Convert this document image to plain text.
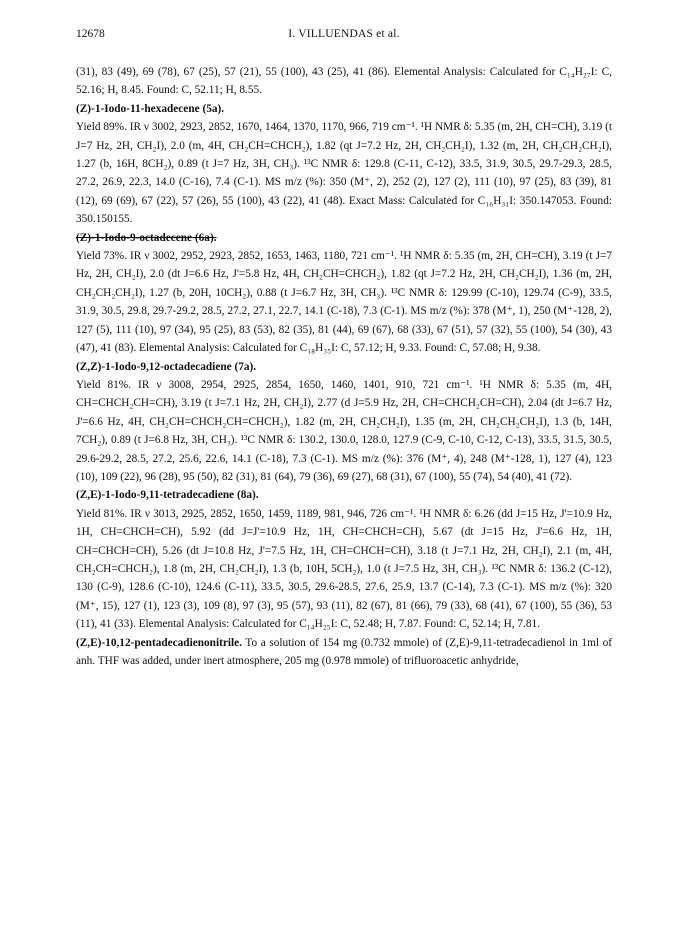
12678	I. VILLUENDAS et al.

(31), 83 (49), 69 (78), 67 (25), 57 (21), 55 (100), 43 (25), 41 (86). Elemental Analysis: Calculated for C₁₄H₂₇I: C, 52.16; H, 8.45. Found: C, 52.11; H, 8.55.

(Z)-1-Iodo-11-hexadecene (5a).

Yield 89%. IR ν 3002, 2923, 2852, 1670, 1464, 1370, 1170, 966, 719 cm⁻¹. ¹H NMR δ: 5.35 (m, 2H, CH=CH), 3.19 (t J=7 Hz, 2H, CH₂I), 2.0 (m, 4H, CH₂CH=CHCH₂), 1.82 (qt J=7.2 Hz, 2H, CH₂CH₂I), 1.32 (m, 2H, CH₂CH₂CH₂I), 1.27 (b, 16H, 8CH₂), 0.89 (t J=7 Hz, 3H, CH₃). ¹³C NMR δ: 129.8 (C-11, C-12), 33.5, 31.9, 30.5, 29.7-29.3, 28.5, 27.2, 26.9, 22.3, 14.0 (C-16), 7.4 (C-1). MS m/z (%): 350 (M⁺, 2), 252 (2), 127 (2), 111 (10), 97 (25), 83 (39), 81 (12), 69 (69), 67 (22), 57 (26), 55 (100), 43 (22), 41 (48). Exact Mass: Calculated for C₁₆H₃₁I: 350.147053. Found: 350.150155.

(Z)-1-Iodo-9-octadecene (6a).

Yield 73%. IR ν 3002, 2952, 2923, 2852, 1653, 1463, 1180, 721 cm⁻¹. ¹H NMR δ: 5.35 (m, 2H, CH=CH), 3.19 (t J=7 Hz, 2H, CH₂I), 2.0 (dt J=6.6 Hz, J'=5.8 Hz, 4H, CH₂CH=CHCH₂), 1.82 (qt J=7.2 Hz, 2H, CH₂CH₂I), 1.36 (m, 2H, CH₂CH₂CH₂I), 1.27 (b, 20H, 10CH₂), 0.88 (t J=6.7 Hz, 3H, CH₃). ¹³C NMR δ: 129.99 (C-10), 129.74 (C-9), 33.5, 31.9, 30.5, 29.8, 29.7-29.2, 28.5, 27.2, 27.1, 22.7, 14.1 (C-18), 7.3 (C-1). MS m/z (%): 378 (M⁺, 1), 250 (M⁺-128, 2), 127 (5), 111 (10), 97 (34), 95 (25), 83 (53), 82 (35), 81 (44), 69 (67), 68 (33), 67 (51), 57 (32), 55 (100), 54 (30), 43 (47), 41 (83). Elemental Analysis: Calculated for C₁₈H₃₅I: C, 57.12; H, 9.33. Found: C, 57.08; H, 9.38.

(Z,Z)-1-Iodo-9,12-octadecadiene (7a).

Yield 81%. IR ν 3008, 2954, 2925, 2854, 1650, 1460, 1401, 910, 721 cm⁻¹. ¹H NMR δ: 5.35 (m, 4H, CH=CHCH₂CH=CH), 3.19 (t J=7.1 Hz, 2H, CH₂I), 2.77 (d J=5.9 Hz, 2H, CH=CHCH₂CH=CH), 2.04 (dt J=6.7 Hz, J'=6.6 Hz, 4H, CH₂CH=CHCH₂CH=CHCH₂), 1.82 (m, 2H, CH₂CH₂I), 1.35 (m, 2H, CH₂CH₂CH₂I), 1.3 (b, 14H, 7CH₂), 0.89 (t J=6.8 Hz, 3H, CH₃). ¹³C NMR δ: 130.2, 130.0, 128.0, 127.9 (C-9, C-10, C-12, C-13), 33.5, 31.5, 30.5, 29.6-29.2, 28.5, 27.2, 25.6, 22.6, 14.1 (C-18), 7.3 (C-1). MS m/z (%): 376 (M⁺, 4), 248 (M⁺-128, 1), 127 (4), 123 (10), 109 (22), 96 (28), 95 (50), 82 (31), 81 (64), 79 (36), 69 (27), 68 (31), 67 (100), 55 (74), 54 (40), 41 (72).

(Z,E)-1-Iodo-9,11-tetradecadiene (8a).

Yield 81%. IR ν 3013, 2925, 2852, 1650, 1459, 1189, 981, 946, 726 cm⁻¹. ¹H NMR δ: 6.26 (dd J=15 Hz, J'=10.9 Hz, 1H, CH=CHCH=CH), 5.92 (dd J=J'=10.9 Hz, 1H, CH=CHCH=CH), 5.67 (dt J=15 Hz, J'=6.6 Hz, 1H, CH=CHCH=CH), 5.26 (dt J=10.8 Hz, J'=7.5 Hz, 1H, CH=CHCH=CH), 3.18 (t J=7.1 Hz, 2H, CH₂I), 2.1 (m, 4H, CH₂CH=CHCH₂), 1.8 (m, 2H, CH₂CH₂I), 1.3 (b, 10H, 5CH₂), 1.0 (t J=7.5 Hz, 3H, CH₃). ¹³C NMR δ: 136.2 (C-12), 130 (C-9), 128.6 (C-10), 124.6 (C-11), 33.5, 30.5, 29.6-28.5, 27.6, 25.9, 13.7 (C-14), 7.3 (C-1). MS m/z (%): 320 (M⁺, 15), 127 (1), 123 (3), 109 (8), 97 (3), 95 (57), 93 (11), 82 (67), 81 (66), 79 (33), 68 (41), 67 (100), 55 (36), 53 (11), 41 (33). Elemental Analysis: Calculated for C₁₄H₂₅I: C, 52.48; H, 7.87. Found: C, 52.14; H, 7.81.

(Z,E)-10,12-pentadecadienonitrile. To a solution of 154 mg (0.732 mmole) of (Z,E)-9,11-tetradecadienol in 1ml of anh. THF was added, under inert atmosphere, 205 mg (0.978 mmole) of trifluoroacetic anhydride,
